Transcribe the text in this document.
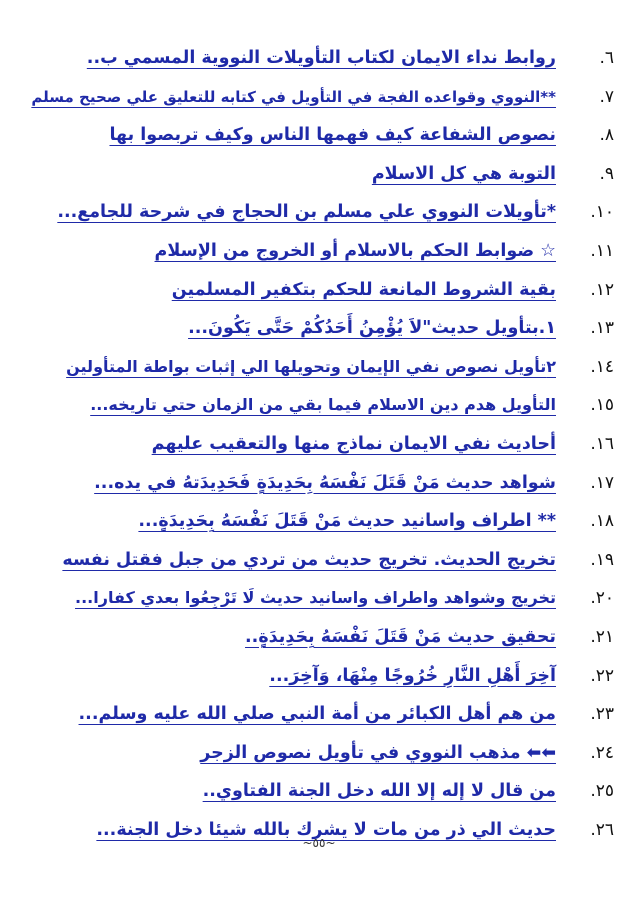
٦.
روابط نداء الايمان لكتاب التأويلات النووية المسمي ب..
٧.
**النووي وقواعده الفجة في التأويل في كتابه للتعليق علي صحيح مسلم
٨.
نصوص الشفاعة كيف فهمها الناس وكيف تربصوا بها
٩.
التوبة هي كل الاسلام
١٠.
*تأويلات النووي علي مسلم بن الحجاج في شرحة للجامع...
١١.
☆ ضوابط الحكم بالاسلام أو الخروج من الإسلام
١٢.
بقية الشروط المانعة للحكم بتكفير المسلمين
١٣.
١.بتأويل حديث"لاَ يُؤْمِنُ أَحَدُكُمْ حَتَّى يَكُونَ...
١٤.
٢تأويل نصوص نفي الإيمان وتحويلها الي إثبات بواطة المتأولين
١٥.
التأويل هدم دين الاسلام فيما بقي من الزمان حتي تاريخه...
١٦.
أحاديث نفي الايمان نماذج منها والتعقيب عليهم
١٧.
شواهد حديث مَنْ قَتَلَ نَفْسَهُ بِحَدِيدَةٍ فَحَدِيدَتهُ في يده...
١٨.
** اطراف واسانيد حديث مَنْ قَتَلَ نَفْسَهُ بِحَدِيدَةٍ...
١٩.
تخريج الحديث. تخريج حديث من تردي من جبل فقتل نفسه
٢٠.
تخريج وشواهد واطراف واسانيد حديث لَا تَرْجِعُوا بعدي كفارا...
٢١.
تحقيق حديث مَنْ قَتَلَ نَفْسَهُ بِحَدِيدَةٍ..
٢٢.
آخِرَ أَهْلِ النَّارِ خُرُوجًا مِنْهَا، وَآخِرَ...
٢٣.
من هم أهل الكبائر من أمة النبي صلي الله عليه وسلم...
٢٤.
⬅⬅ مذهب النووي في تأويل نصوص الزجر
٢٥.
من قال لا إله إلا الله دخل الجنة الفتاوي..
٢٦.
حديث الي ذر من مات لا يشرك بالله شيئا دخل الجنة...
~٥٥~
